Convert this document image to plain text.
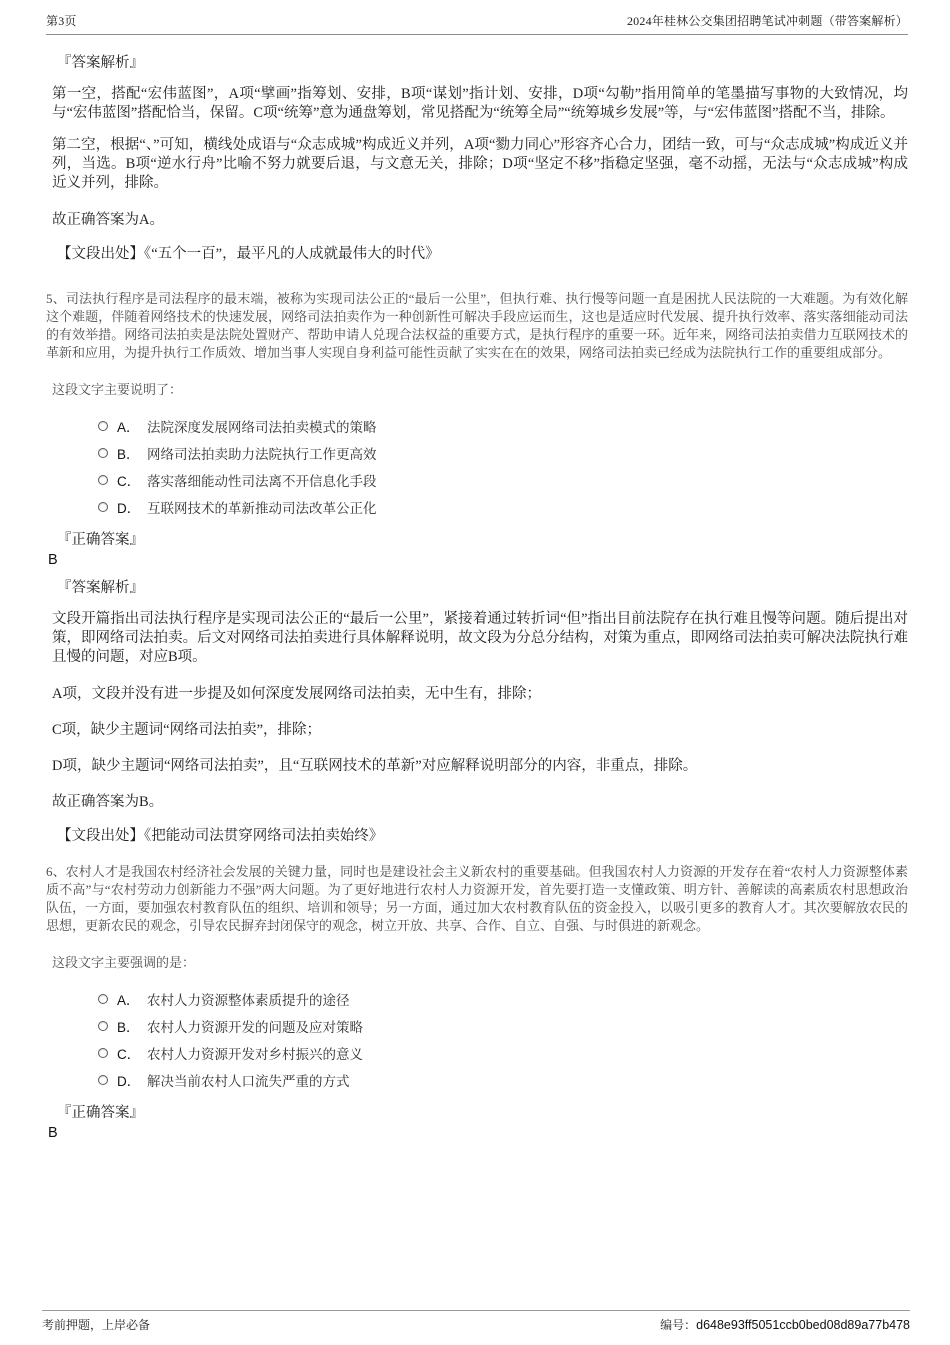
第3页	2024年桂林公交集团招聘笔试冲刺题（带答案解析）
『答案解析』
第一空，搭配“宏伟蓝图”，A项“擘画”指筹划、安排，B项“谋划”指计划、安排，D项“勾勒”指用简单的笔墨描写事物的大致情况，均与“宏伟蓝图”搭配恰当，保留。C项“统筹”意为通盘筹划，常见搭配为“统筹全局”“统筹城乡发展”等，与“宏伟蓝图”搭配不当，排除。
第二空，根据“、”可知，横线处成语与“众志成城”构成近义并列，A项“勠力同心”形容齐心合力，团结一致，可与“众志成城”构成近义并列，当选。B项“逆水行舟”比喻不努力就要后退，与文意无关，排除；D项“坚定不移”指稳定坚强，毫不动摇，无法与“众志成城”构成近义并列，排除。
故正确答案为A。
【文段出处】《“五个一百”，最平凡的人成就最伟大的时代》
5、司法执行程序是司法程序的最末端，被称为实现司法公正的“最后一公里”，但执行难、执行慢等问题一直是困扰人民法院的一大难题。为有效化解这个难题，伴随着网络技术的快速发展，网络司法拍卖作为一种创新性可解决手段应运而生，这也是适应时代发展、提升执行效率、落实落细能动司法的有效举措。网络司法拍卖是法院处置财产、帮助申请人兑现合法权益的重要方式，是执行程序的重要一环。近年来，网络司法拍卖借力互联网技术的革新和应用，为提升执行工作质效、增加当事人实现自身利益可能性贡献了实实在在的效果，网络司法拍卖已经成为法院执行工作的重要组成部分。
这段文字主要说明了：
A． 法院深度发展网络司法拍卖模式的策略
B． 网络司法拍卖助力法院执行工作更高效
C． 落实落细能动性司法离不开信息化手段
D． 互联网技术的革新推动司法改革公正化
『正确答案』
B
『答案解析』
文段开篇指出司法执行程序是实现司法公正的“最后一公里”，紧接着通过转折词“但”指出目前法院存在执行难且慢等问题。随后提出对策，即网络司法拍卖。后文对网络司法拍卖进行具体解释说明，故文段为分总分结构，对策为重点，即网络司法拍卖可解决法院执行难且慢的问题，对应B项。
A项，文段并没有进一步提及如何深度发展网络司法拍卖，无中生有，排除；
C项，缺少主题词“网络司法拍卖”，排除；
D项，缺少主题词“网络司法拍卖”，且“互联网技术的革新”对应解释说明部分的内容，非重点，排除。
故正确答案为B。
【文段出处】《把能动司法贯穿网络司法拍卖始终》
6、农村人才是我国农村经济社会发展的关键力量，同时也是建设社会主义新农村的重要基础。但我国农村人力资源的开发存在着“农村人力资源整体素质不高”与“农村劳动力创新能力不强”两大问题。为了更好地进行农村人力资源开发，首先要打造一支懂政策、明方针、善解读的高素质农村思想政治队伍，一方面，要加强农村教育队伍的组织、培训和领导；另一方面，通过加大农村教育队伍的资金投入，以吸引更多的教育人才。其次要解放农民的思想，更新农民的观念，引导农民摒弃封闭保守的观念，树立开放、共享、合作、自立、自强、与时俱进的新观念。
这段文字主要强调的是：
A． 农村人力资源整体素质提升的途径
B． 农村人力资源开发的问题及应对策略
C． 农村人力资源开发对乡村振兴的意义
D． 解决当前农村人口流失严重的方式
『正确答案』
B
考前押题，上岸必备	编号：d648e93ff5051ccb0bed08d89a77b478
